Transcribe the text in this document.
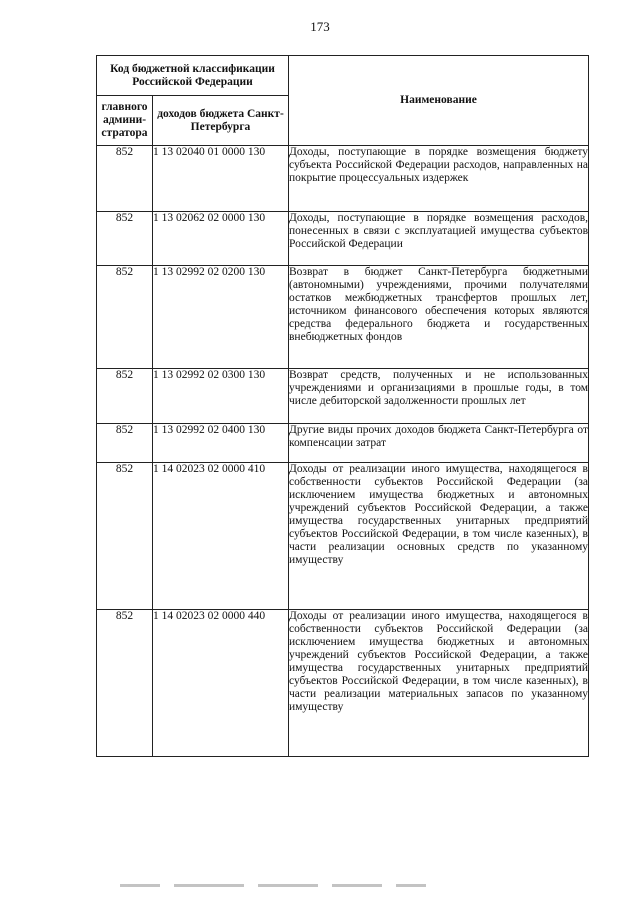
173
Код бюджетной классификации Российской Федерации		Наименование
главного админи-стратора	доходов бюджета Санкт-Петербурга	
852	1 13 02040 01 0000 130	Доходы, поступающие в порядке возмещения бюджету субъекта Российской Федерации расходов, направленных на покрытие процессуальных издержек
852	1 13 02062 02 0000 130	Доходы, поступающие в порядке возмещения расходов, понесенных в связи с эксплуатацией имущества субъектов Российской Федерации
852	1 13 02992 02 0200 130	Возврат в бюджет Санкт-Петербурга бюджетными (автономными) учреждениями, прочими получателями остатков межбюджетных трансфертов прошлых лет, источником финансового обеспечения которых являются средства федерального бюджета и государственных внебюджетных фондов
852	1 13 02992 02 0300 130	Возврат средств, полученных и не использованных учреждениями и организациями в прошлые годы, в том числе дебиторской задолженности прошлых лет
852	1 13 02992 02 0400 130	Другие виды прочих доходов бюджета Санкт-Петербурга от компенсации затрат
852	1 14 02023 02 0000 410	Доходы от реализации иного имущества, находящегося в собственности субъектов Российской Федерации (за исключением имущества бюджетных и автономных учреждений субъектов Российской Федерации, а также имущества государственных унитарных предприятий субъектов Российской Федерации, в том числе казенных), в части реализации основных средств по указанному имуществу
852	1 14 02023 02 0000 440	Доходы от реализации иного имущества, находящегося в собственности субъектов Российской Федерации (за исключением имущества бюджетных и автономных учреждений субъектов Российской Федерации, а также имущества государственных унитарных предприятий субъектов Российской Федерации, в том числе казенных), в части реализации материальных запасов по указанному имуществу
